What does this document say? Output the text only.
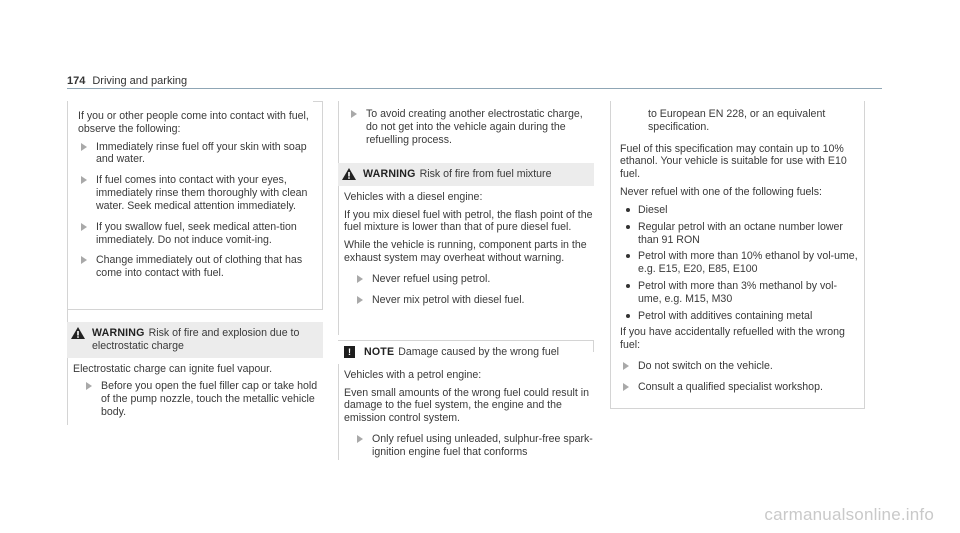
174 Driving and parking

If you or other people come into contact with fuel, observe the following:

Immediately rinse fuel off your skin with soap and water.
If fuel comes into contact with your eyes, immediately rinse them thoroughly with clean water. Seek medical attention immediately.
If you swallow fuel, seek medical atten-tion immediately. Do not induce vomit-ing.
Change immediately out of clothing that has come into contact with fuel.
WARNING Risk of fire and explosion due to electrostatic charge

Electrostatic charge can ignite fuel vapour.

Before you open the fuel filler cap or take hold of the pump nozzle, touch the metallic vehicle body.
To avoid creating another electrostatic charge, do not get into the vehicle again during the refuelling process.
WARNING Risk of fire from fuel mixture

Vehicles with a diesel engine:

If you mix diesel fuel with petrol, the flash point of the fuel mixture is lower than that of pure diesel fuel.

While the vehicle is running, component parts in the exhaust system may overheat without warning.

Never refuel using petrol.
Never mix petrol with diesel fuel.
!	NOTE Damage caused by the wrong fuel

Vehicles with a petrol engine:

Even small amounts of the wrong fuel could result in damage to the fuel system, the engine and the emission control system.

Only refuel using unleaded, sulphur-free spark-ignition engine fuel that conforms

to European EN 228, or an equivalent specification.

Fuel of this specification may contain up to 10% ethanol. Your vehicle is suitable for use with E10 fuel.

Never refuel with one of the following fuels:

Diesel
Regular petrol with an octane number lower than 91 RON
Petrol with more than 10% ethanol by vol-ume, e.g. E15, E20, E85, E100
Petrol with more than 3% methanol by vol-ume, e.g. M15, M30
Petrol with additives containing metal

If you have accidentally refuelled with the wrong fuel:

Do not switch on the vehicle.
Consult a qualified specialist workshop.
carmanualsonline.info
